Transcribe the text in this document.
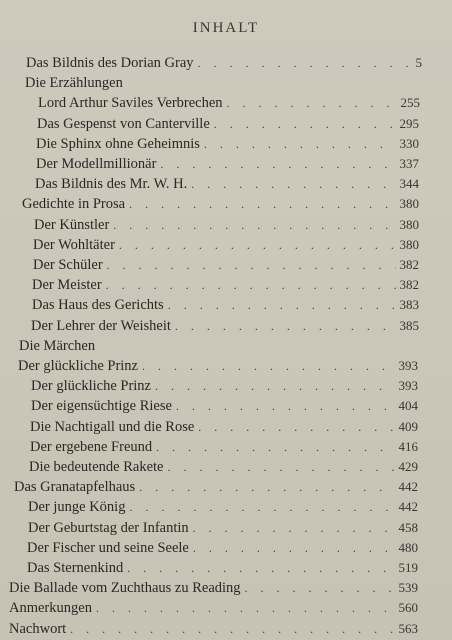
INHALT
Das Bildnis des Dorian Gray . . .	5
Die Erzählungen
Lord Arthur Saviles Verbrechen . . .	255
Das Gespenst von Canterville . . .	295
Die Sphinx ohne Geheimnis . . .	330
Der Modellmillionär . . .	337
Das Bildnis des Mr. W. H. . . .	344
Gedichte in Prosa . . .	380
Der Künstler . . .	380
Der Wohltäter . . .	380
Der Schüler . . .	382
Der Meister . . .	382
Das Haus des Gerichts . . .	383
Der Lehrer der Weisheit . . .	385
Die Märchen
Der glückliche Prinz . . .	393
Der glückliche Prinz . . .	393
Der eigensüchtige Riese . . .	404
Die Nachtigall und die Rose . . .	409
Der ergebene Freund . . .	416
Die bedeutende Rakete . . .	429
Das Granatapfelhaus . . .	442
Der junge König . . .	442
Der Geburtstag der Infantin . . .	458
Der Fischer und seine Seele . . .	480
Das Sternenkind . . .	519
Die Ballade vom Zuchthaus zu Reading . . .	539
Anmerkungen . . .	560
Nachwort . . .	563
